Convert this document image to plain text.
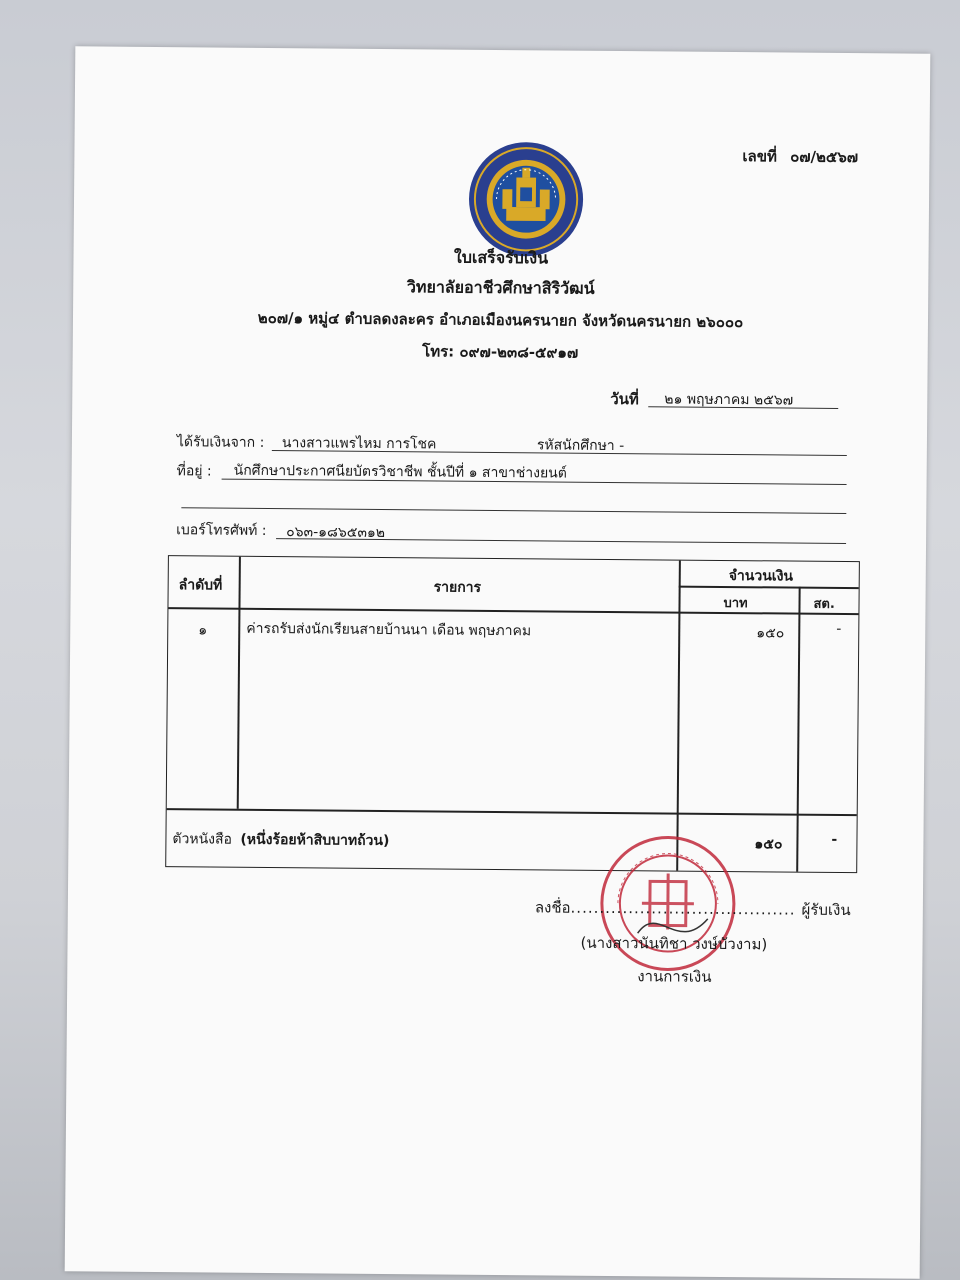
เลขที่ ๐๗/๒๕๖๗
ใบเสร็จรับเงิน
วิทยาลัยอาชีวศึกษาสิริวัฒน์
๒๐๗/๑ หมู่๔ ตำบลดงละคร อำเภอเมืองนครนายก จังหวัดนครนายก ๒๖๐๐๐
โทร: ๐๙๗-๒๓๘-๕๙๑๗
วันที่ ๒๑ พฤษภาคม ๒๕๖๗
ได้รับเงินจาก : นางสาวแพรไหม การโชค	รหัสนักศึกษา -
ที่อยู่ : นักศึกษาประกาศนียบัตรวิชาชีพ ชั้นปีที่ ๑ สาขาช่างยนต์
เบอร์โทรศัพท์ : ๐๖๓-๑๘๖๕๓๑๒
ลำดับที่	รายการ
จำนวนเงิน
บาท	สต.
๑	ค่ารถรับส่งนักเรียนสายบ้านนา เดือน พฤษภาคม	๑๕๐	-
ตัวหนังสือ (หนึ่งร้อยห้าสิบบาทถ้วน)	๑๕๐	-
ลงชื่อ....................................... ผู้รับเงิน
(นางสาวนันทิชา วงษ์บัวงาม)
งานการเงิน
